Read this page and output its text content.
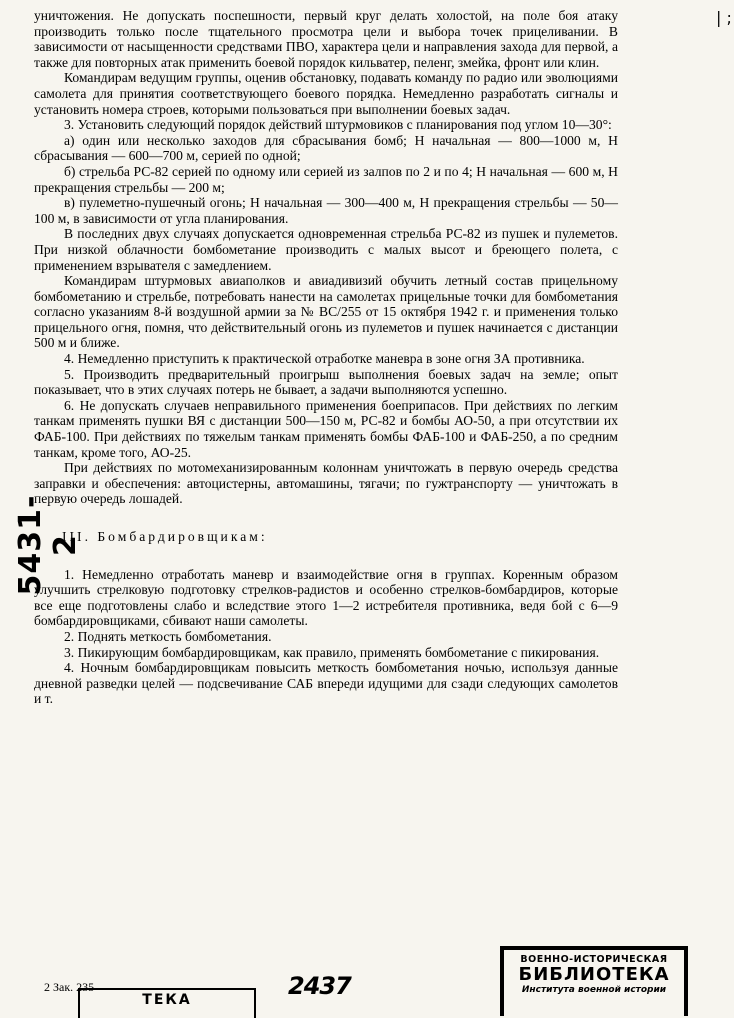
| ;

уничтожения. Не допускать поспешности, первый круг делать холостой, на поле боя атаку производить только после тщательного просмотра цели и выбора точек прицеливании. В зависимости от насыщенности средствами ПВО, характера цели и направления захода для первой, а также для повторных атак применить боевой порядок кильватер, пеленг, змейка, фронт или клин.

Командирам ведущим группы, оценив обстановку, подавать команду по радио или эволюциями самолета для принятия соответствующего боевого порядка. Немедленно разработать сигналы и установить номера строев, которыми пользоваться при выполнении боевых задач.

3. Установить следующий порядок действий штурмовиков с планирования под углом 10—30°:

а) один или несколько заходов для сбрасывания бомб; Н начальная — 800—1000 м, Н сбрасывания — 600—700 м, серией по одной;

б) стрельба РС-82 серией по одному или серией из залпов по 2 и по 4; Н начальная — 600 м, Н прекращения стрельбы — 200 м;

в) пулеметно-пушечный огонь; Н начальная — 300—400 м, Н прекращения стрельбы — 50—100 м, в зависимости от угла планирования.

В последних двух случаях допускается одновременная стрельба РС-82 из пушек и пулеметов. При низкой облачности бомбометание производить с малых высот и бреющего полета, с применением взрывателя с замедлением.

Командирам штурмовых авиаполков и авиадивизий обучить летный состав прицельному бомбометанию и стрельбе, потребовать нанести на самолетах прицельные точки для бомбометания согласно указаниям 8-й воздушной армии за № ВС/255 от 15 октября 1942 г. и применения только прицельного огня, помня, что действительный огонь из пулеметов и пушек начинается с дистанции 500 м и ближе.

4. Немедленно приступить к практической отработке маневра в зоне огня ЗА противника.

5. Производить предварительный проигрыш выполнения боевых задач на земле; опыт показывает, что в этих случаях потерь не бывает, а задачи выполняются успешно.

6. Не допускать случаев неправильного применения боеприпасов. При действиях по легким танкам применять пушки ВЯ с дистанции 500—150 м, РС-82 и бомбы АО-50, а при отсутствии их ФАБ-100. При действиях по тяжелым танкам применять бомбы ФАБ-100 и ФАБ-250, а по средним танкам, кроме того, АО-25.

При действиях по мотомеханизированным колоннам уничтожать в первую очередь средства заправки и обеспечения: автоцистерны, автомашины, тягачи; по гужтранспорту — уничтожать в первую очередь лошадей.

III. Бомбардировщикам:

1. Немедленно отработать маневр и взаимодействие огня в группах. Коренным образом улучшить стрелковую подготовку стрелков-радистов и особенно стрелков-бомбардиров, которые все еще подготовлены слабо и вследствие этого 1—2 истребителя противника, ведя бой с 6—9 бомбардировщиками, сбивают наши самолеты.

2. Поднять меткость бомбометания.

3. Пикирующим бомбардировщикам, как правило, применять бомбометание с пикирования.

4. Ночным бомбардировщикам повысить меткость бомбометания ночью, используя данные дневной разведки целей — подсвечивание САБ впереди идущими для сзади следующих самолетов и т.

5431-2
2 Зак. 235
ТЕКА	2437
ВОЕННО-ИСТОРИЧЕСКАЯ
БИБЛИОТЕКА
Института военной истории
